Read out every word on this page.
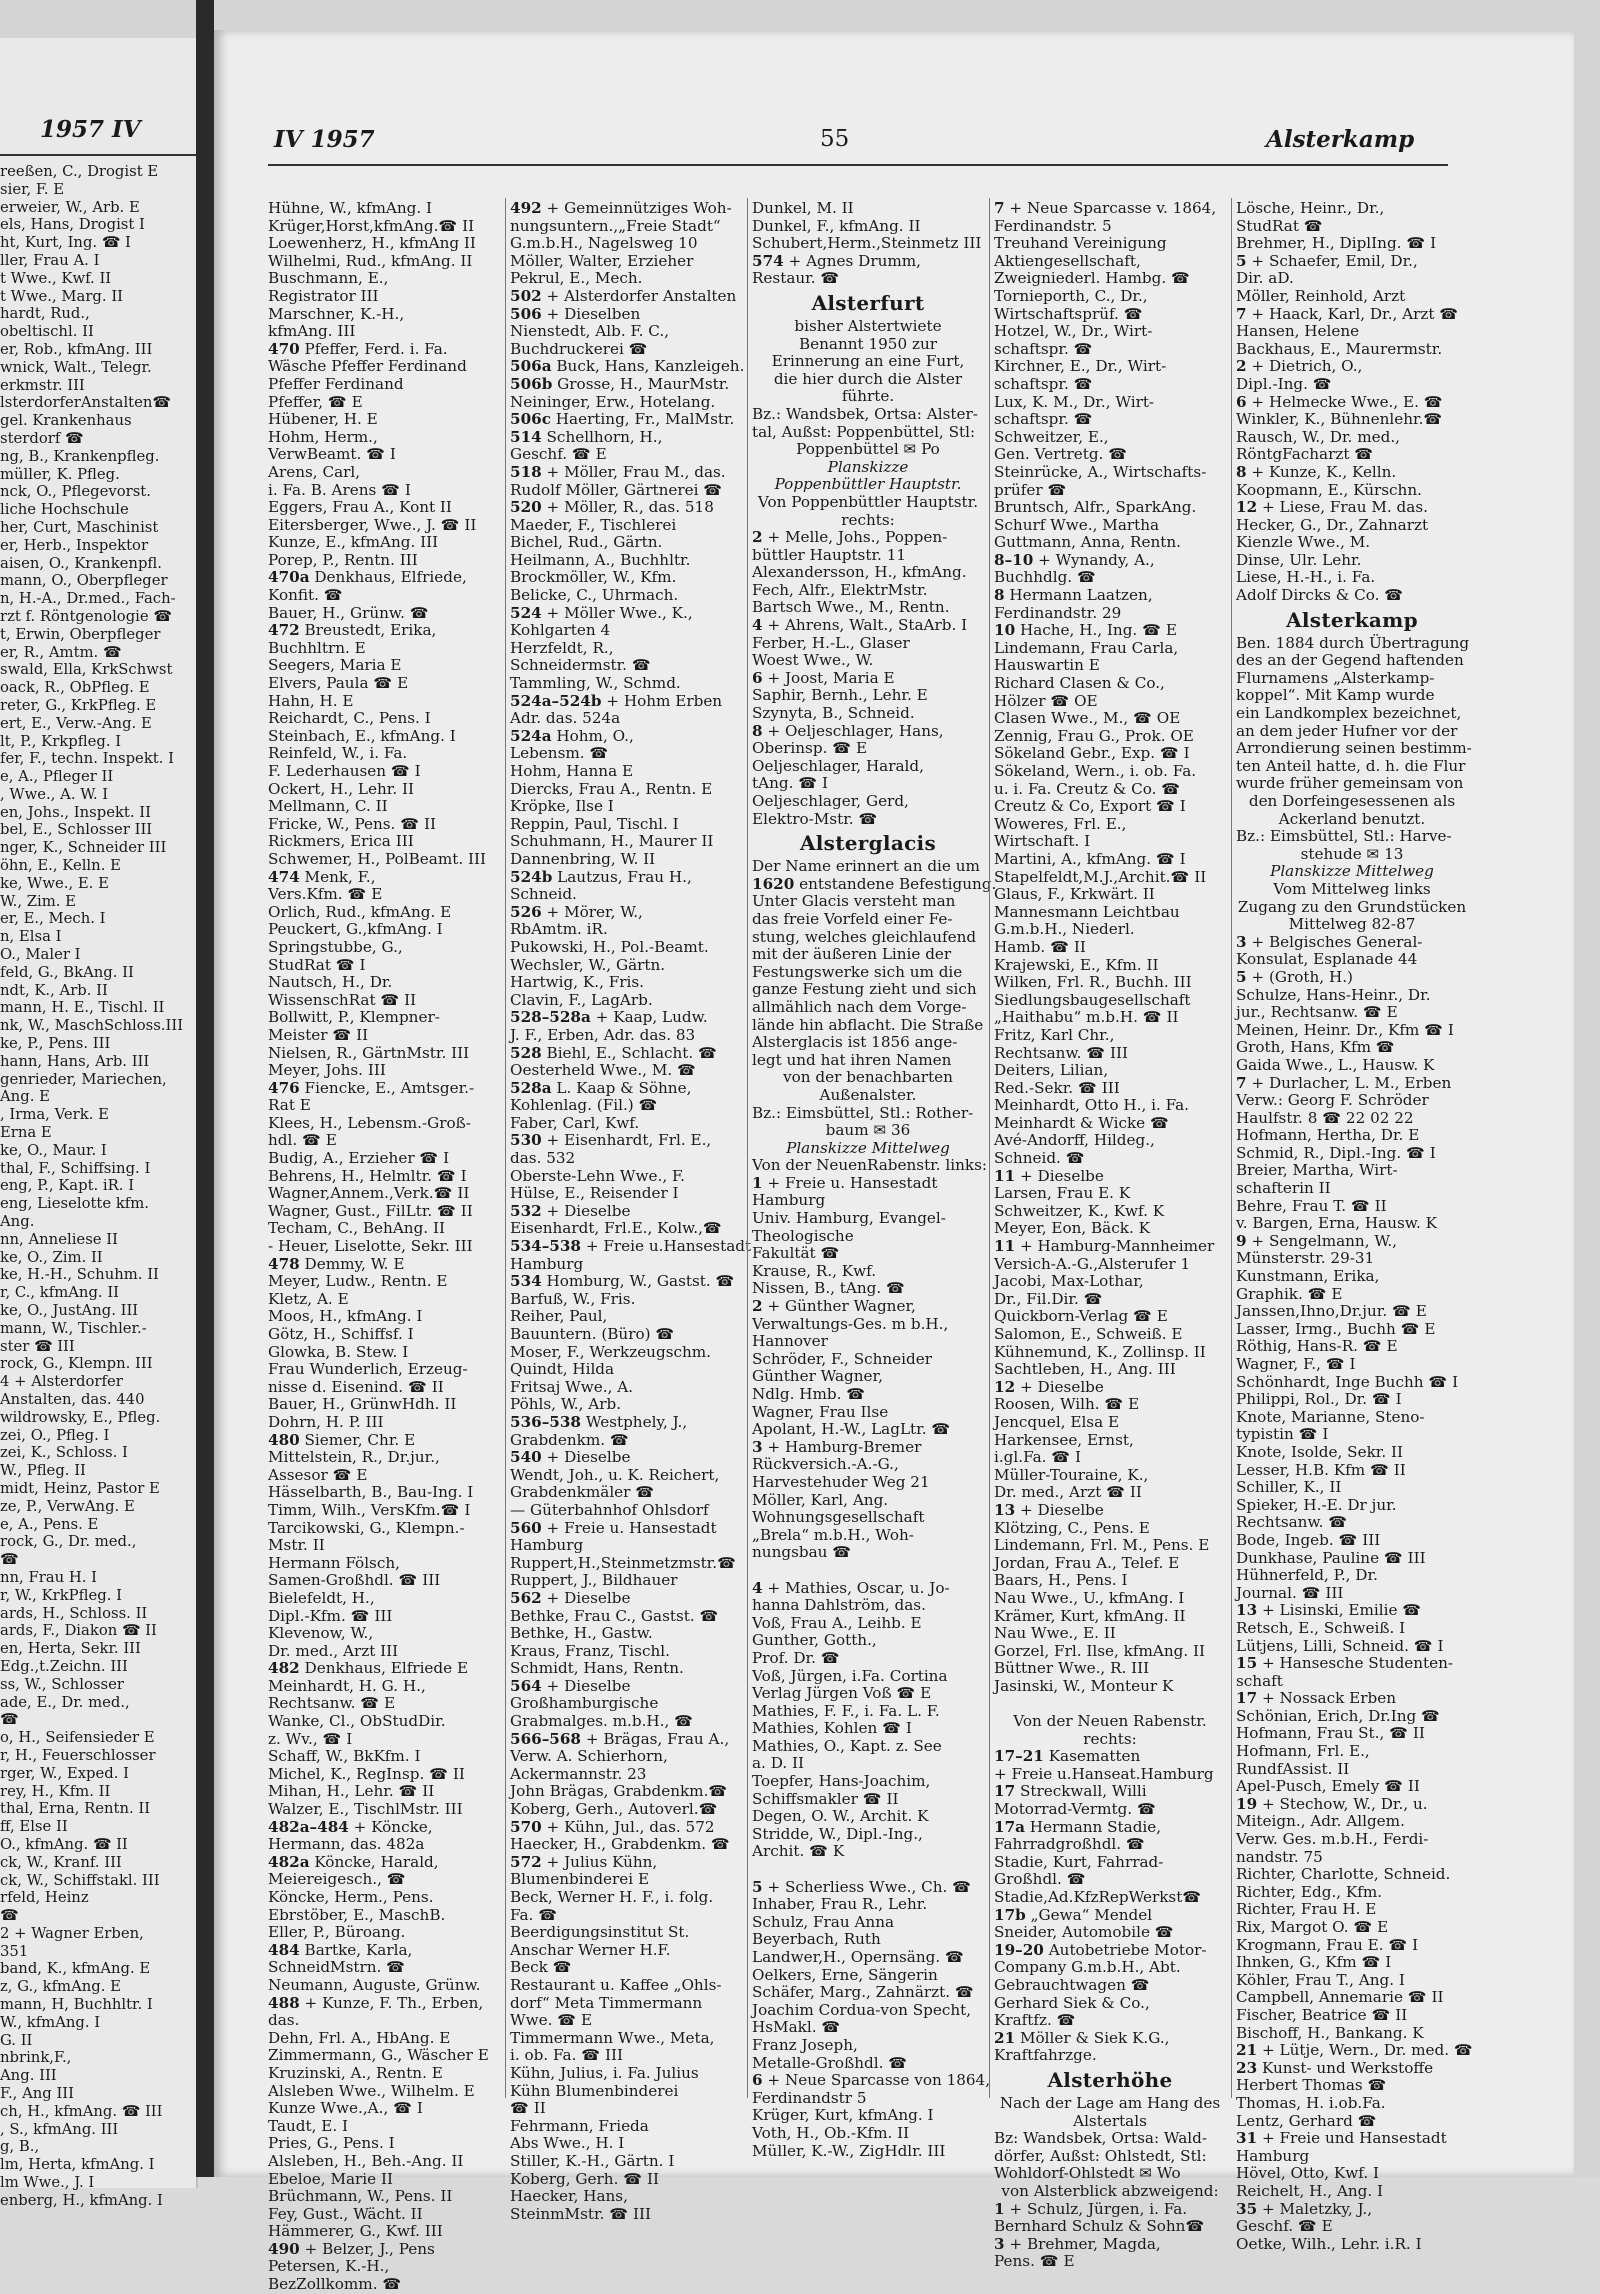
1957 IV
reeßen, C., Drogist E
sier, F. E
erweier, W., Arb. E
els, Hans, Drogist I
ht, Kurt, Ing. ☎ I
ller, Frau A. I
t Wwe., Kwf. II
t Wwe., Marg. II
hardt, Rud.,
obeltischl. II
er, Rob., kfmAng. III
wnick, Walt., Telegr.
erkmstr. III
lsterdorferAnstalten☎
gel. Krankenhaus
sterdorf ☎
ng, B., Krankenpfleg.
müller, K. Pfleg.
nck, O., Pflegevorst.
liche Hochschule
her, Curt, Maschinist
er, Herb., Inspektor
aisen, O., Krankenpfl.
mann, O., Oberpfleger
n, H.-A., Dr.med., Fach-
rzt f. Röntgenologie ☎
t, Erwin, Oberpfleger
er, R., Amtm. ☎
swald, Ella, KrkSchwst
oack, R., ObPfleg. E
reter, G., KrkPfleg. E
ert, E., Verw.-Ang. E
lt, P., Krkpfleg. I
fer, F., techn. Inspekt. I
e, A., Pfleger II
, Wwe., A. W. I
en, Johs., Inspekt. II
bel, E., Schlosser III
nger, K., Schneider III
öhn, E., Kelln. E
ke, Wwe., E. E
W., Zim. E
er, E., Mech. I
n, Elsa I
O., Maler I
feld, G., BkAng. II
ndt, K., Arb. II
mann, H. E., Tischl. II
nk, W., MaschSchloss.III
ke, P., Pens. III
hann, Hans, Arb. III
genrieder, Mariechen,
Ang. E
, Irma, Verk. E
Erna E
ke, O., Maur. I
thal, F., Schiffsing. I
eng, P., Kapt. iR. I
eng, Lieselotte kfm.
Ang.
nn, Anneliese II
ke, O., Zim. II
ke, H.-H., Schuhm. II
r, C., kfmAng. II
ke, O., JustAng. III
mann, W., Tischler.-
ster ☎ III
rock, G., Klempn. III
4 + Alsterdorfer
Anstalten, das. 440
wildrowsky, E., Pfleg.
zei, O., Pfleg. I
zei, K., Schloss. I
W., Pfleg. II
midt, Heinz, Pastor E
ze, P., VerwAng. E
e, A., Pens. E
rock, G., Dr. med.,
☎
nn, Frau H. I
r, W., KrkPfleg. I
ards, H., Schloss. II
ards, F., Diakon ☎ II
en, Herta, Sekr. III
Edg.,t.Zeichn. III
ss, W., Schlosser
ade, E., Dr. med.,
☎
o, H., Seifensieder E
r, H., Feuerschlosser
rger, W., Exped. I
rey, H., Kfm. II
thal, Erna, Rentn. II
ff, Else II
O., kfmAng. ☎ II
ck, W., Kranf. III
ck, W., Schiffstakl. III
rfeld, Heinz
☎
2 + Wagner Erben,
351
band, K., kfmAng. E
z, G., kfmAng. E
mann, H, Buchhltr. I
W., kfmAng. I
G. II
nbrink,F.,
Ang. III
F., Ang III
ch, H., kfmAng. ☎ III
, S., kfmAng. III
g, B.,
lm, Herta, kfmAng. I
lm Wwe., J. I
enberg, H., kfmAng. I
IV 1957	55	Alsterkamp
Hühne, W., kfmAng. I
Krüger,Horst,kfmAng.☎ II
Loewenherz, H., kfmAng II
Wilhelmi, Rud., kfmAng. II
Buschmann, E.,
Registrator III
Marschner, K.-H.,
kfmAng. III
470 Pfeffer, Ferd. i. Fa.
Wäsche Pfeffer Ferdinand
Pfeffer Ferdinand
Pfeffer, ☎ E
Hübener, H. E
Hohm, Herm.,
VerwBeamt. ☎ I
Arens, Carl,
i. Fa. B. Arens ☎ I
Eggers, Frau A., Kont II
Eitersberger, Wwe., J. ☎ II
Kunze, E., kfmAng. III
Porep, P., Rentn. III
470a Denkhaus, Elfriede,
Konfit. ☎
Bauer, H., Grünw. ☎
472 Breustedt, Erika,
Buchhltrn. E
Seegers, Maria E
Elvers, Paula ☎ E
Hahn, H. E
Reichardt, C., Pens. I
Steinbach, E., kfmAng. I
Reinfeld, W., i. Fa.
F. Lederhausen ☎ I
Ockert, H., Lehr. II
Mellmann, C. II
Fricke, W., Pens. ☎ II
Rickmers, Erica III
Schwemer, H., PolBeamt. III
474 Menk, F.,
Vers.Kfm. ☎ E
Orlich, Rud., kfmAng. E
Peuckert, G.,kfmAng. I
Springstubbe, G.,
StudRat ☎ I
Nautsch, H., Dr.
WissenschRat ☎ II
Bollwitt, P., Klempner-
Meister ☎ II
Nielsen, R., GärtnMstr. III
Meyer, Johs. III
476 Fiencke, E., Amtsger.-
Rat E
Klees, H., Lebensm.-Groß-
hdl. ☎ E
Budig, A., Erzieher ☎ I
Behrens, H., Helmltr. ☎ I
Wagner,Annem.,Verk.☎ II
Wagner, Gust., FilLtr. ☎ II
Techam, C., BehAng. II
- Heuer, Liselotte, Sekr. III
478 Demmy, W. E
Meyer, Ludw., Rentn. E
Kletz, A. E
Moos, H., kfmAng. I
Götz, H., Schiffsf. I
Glowka, B. Stew. I
Frau Wunderlich, Erzeug-
nisse d. Eisenind. ☎ II
Bauer, H., GrünwHdh. II
Dohrn, H. P. III
480 Siemer, Chr. E
Mittelstein, R., Dr.jur.,
Assesor ☎ E
Hässelbarth, B., Bau-Ing. I
Timm, Wilh., VersKfm.☎ I
Tarcikowski, G., Klempn.-
Mstr. II
Hermann Fölsch,
Samen-Großhdl. ☎ III
Bielefeldt, H.,
Dipl.-Kfm. ☎ III
Klevenow, W.,
Dr. med., Arzt III
482 Denkhaus, Elfriede E
Meinhardt, H. G. H.,
Rechtsanw. ☎ E
Wanke, Cl., ObStudDir.
z. Wv., ☎ I
Schaff, W., BkKfm. I
Michel, K., RegInsp. ☎ II
Mihan, H., Lehr. ☎ II
Walzer, E., TischlMstr. III
482a–484 + Köncke,
Hermann, das. 482a
482a Köncke, Harald,
Meiereigesch., ☎
Köncke, Herm., Pens.
Ebrstöber, E., MaschB.
Eller, P., Büroang.
484 Bartke, Karla,
SchneidMstrn. ☎
Neumann, Auguste, Grünw.
488 + Kunze, F. Th., Erben,
das.
Dehn, Frl. A., HbAng. E
Zimmermann, G., Wäscher E
Kruzinski, A., Rentn. E
Alsleben Wwe., Wilhelm. E
Kunze Wwe.,A., ☎ I
Taudt, E. I
Pries, G., Pens. I
Alsleben, H., Beh.-Ang. II
Ebeloe, Marie II
Brüchmann, W., Pens. II
Fey, Gust., Wächt. II
Hämmerer, G., Kwf. III
490 + Belzer, J., Pens
Petersen, K.-H.,
BezZollkomm. ☎
492 + Gemeinnütziges Woh-
nungsuntern.,„Freie Stadt“
G.m.b.H., Nagelsweg 10
Möller, Walter, Erzieher
Pekrul, E., Mech.
502 + Alsterdorfer Anstalten
506 + Dieselben
Nienstedt, Alb. F. C.,
Buchdruckerei ☎
506a Buck, Hans, Kanzleigeh.
506b Grosse, H., MaurMstr.
Neininger, Erw., Hotelang.
506c Haerting, Fr., MalMstr.
514 Schellhorn, H.,
Geschf. ☎ E
518 + Möller, Frau M., das.
Rudolf Möller, Gärtnerei ☎
520 + Möller, R., das. 518
Maeder, F., Tischlerei
Bichel, Rud., Gärtn.
Heilmann, A., Buchhltr.
Brockmöller, W., Kfm.
Belicke, C., Uhrmach.
524 + Möller Wwe., K.,
Kohlgarten 4
Herzfeldt, R.,
Schneidermstr. ☎
Tammling, W., Schmd.
524a–524b + Hohm Erben
Adr. das. 524a
524a Hohm, O.,
Lebensm. ☎
Hohm, Hanna E
Diercks, Frau A., Rentn. E
Kröpke, Ilse I
Reppin, Paul, Tischl. I
Schuhmann, H., Maurer II
Dannenbring, W. II
524b Lautzus, Frau H.,
Schneid.
526 + Mörer, W.,
RbAmtm. iR.
Pukowski, H., Pol.-Beamt.
Wechsler, W., Gärtn.
Hartwig, K., Fris.
Clavin, F., LagArb.
528–528a + Kaap, Ludw.
J. F., Erben, Adr. das. 83
528 Biehl, E., Schlacht. ☎
Oesterheld Wwe., M. ☎
528a L. Kaap & Söhne,
Kohlenlag. (Fil.) ☎
Faber, Carl, Kwf.
530 + Eisenhardt, Frl. E.,
das. 532
Oberste-Lehn Wwe., F.
Hülse, E., Reisender I
532 + Dieselbe
Eisenhardt, Frl.E., Kolw.,☎
534–538 + Freie u.Hansestadt
Hamburg
534 Homburg, W., Gastst. ☎
Barfuß, W., Fris.
Reiher, Paul,
Bauuntern. (Büro) ☎
Moser, F., Werkzeugschm.
Quindt, Hilda
Fritsaj Wwe., A.
Pöhls, W., Arb.
536–538 Westphely, J.,
Grabdenkm. ☎
540 + Dieselbe
Wendt, Joh., u. K. Reichert,
Grabdenkmäler ☎
— Güterbahnhof Ohlsdorf
560 + Freie u. Hansestadt
Hamburg
Ruppert,H.,Steinmetzmstr.☎
Ruppert, J., Bildhauer
562 + Dieselbe
Bethke, Frau C., Gastst. ☎
Bethke, H., Gastw.
Kraus, Franz, Tischl.
Schmidt, Hans, Rentn.
564 + Dieselbe
Großhamburgische
Grabmalges. m.b.H., ☎
566–568 + Brägas, Frau A.,
Verw. A. Schierhorn,
Ackermannstr. 23
John Brägas, Grabdenkm.☎
Koberg, Gerh., Autoverl.☎
570 + Kühn, Jul., das. 572
Haecker, H., Grabdenkm. ☎
572 + Julius Kühn,
Blumenbinderei E
Beck, Werner H. F., i. folg.
Fa. ☎
Beerdigungsinstitut St.
Anschar Werner H.F.
Beck ☎
Restaurant u. Kaffee „Ohls-
dorf“ Meta Timmermann
Wwe. ☎ E
Timmermann Wwe., Meta,
i. ob. Fa. ☎ III
Kühn, Julius, i. Fa. Julius
Kühn Blumenbinderei
☎ II
Fehrmann, Frieda
Abs Wwe., H. I
Stiller, K.-H., Gärtn. I
Koberg, Gerh. ☎ II
Haecker, Hans,
SteinmMstr. ☎ III
Dunkel, M. II
Dunkel, F., kfmAng. II
Schubert,Herm.,Steinmetz III
574 + Agnes Drumm,
Restaur. ☎
Alsterfurt
bisher Alstertwiete
Benannt 1950 zur
Erinnerung an eine Furt,
die hier durch die Alster
führte.
Bz.: Wandsbek, Ortsa: Alster-
tal, Außst: Poppenbüttel, Stl:
Poppenbüttel ✉ Po
Planskizze
Poppenbüttler Hauptstr.
Von Poppenbüttler Hauptstr.
rechts:
2 + Melle, Johs., Poppen-
büttler Hauptstr. 11
Alexandersson, H., kfmAng.
Fech, Alfr., ElektrMstr.
Bartsch Wwe., M., Rentn.
4 + Ahrens, Walt., StaArb. I
Ferber, H.-L., Glaser
Woest Wwe., W.
6 + Joost, Maria E
Saphir, Bernh., Lehr. E
Szynyta, B., Schneid.
8 + Oeljeschlager, Hans,
Oberinsp. ☎ E
Oeljeschlager, Harald,
tAng. ☎ I
Oeljeschlager, Gerd,
Elektro-Mstr. ☎
Alsterglacis
Der Name erinnert an die um
1620 entstandene Befestigung.
Unter Glacis versteht man
das freie Vorfeld einer Fe-
stung, welches gleichlaufend
mit der äußeren Linie der
Festungswerke sich um die
ganze Festung zieht und sich
allmählich nach dem Vorge-
lände hin abflacht. Die Straße
Alsterglacis ist 1856 ange-
legt und hat ihren Namen
von der benachbarten
Außenalster.
Bz.: Eimsbüttel, Stl.: Rother-
baum ✉ 36
Planskizze Mittelweg
Von der NeuenRabenstr. links:
1 + Freie u. Hansestadt
Hamburg
Univ. Hamburg, Evangel-
Theologische
Fakultät ☎
Krause, R., Kwf.
Nissen, B., tAng. ☎
2 + Günther Wagner,
Verwaltungs-Ges. m b.H.,
Hannover
Schröder, F., Schneider
Günther Wagner,
Ndlg. Hmb. ☎
Wagner, Frau Ilse
Apolant, H.-W., LagLtr. ☎
3 + Hamburg-Bremer
Rückversich.-A.-G.,
Harvestehuder Weg 21
Möller, Karl, Ang.
Wohnungsgesellschaft
„Brela“ m.b.H., Woh-
nungsbau ☎
4 + Mathies, Oscar, u. Jo-
hanna Dahlström, das.
Voß, Frau A., Leihb. E
Gunther, Gotth.,
Prof. Dr. ☎
Voß, Jürgen, i.Fa. Cortina
Verlag Jürgen Voß ☎ E
Mathies, F. F., i. Fa. L. F.
Mathies, Kohlen ☎ I
Mathies, O., Kapt. z. See
a. D. II
Toepfer, Hans-Joachim,
Schiffsmakler ☎ II
Degen, O. W., Archit. K
Stridde, W., Dipl.-Ing.,
Archit. ☎ K
5 + Scherliess Wwe., Ch. ☎
Inhaber, Frau R., Lehr.
Schulz, Frau Anna
Beyerbach, Ruth
Landwer,H., Opernsäng. ☎
Oelkers, Erne, Sängerin
Schäfer, Marg., Zahnärzt. ☎
Joachim Cordua-von Specht,
HsMakl. ☎
Franz Joseph,
Metalle-Großhdl. ☎
6 + Neue Sparcasse von 1864,
Ferdinandstr 5
Krüger, Kurt, kfmAng. I
Voth, H., Ob.-Kfm. II
Müller, K.-W., ZigHdlr. III
7 + Neue Sparcasse v. 1864,
Ferdinandstr. 5
Treuhand Vereinigung
Aktiengesellschaft,
Zweigniederl. Hambg. ☎
Tornieporth, C., Dr.,
Wirtschaftsprüf. ☎
Hotzel, W., Dr., Wirt-
schaftspr. ☎
Kirchner, E., Dr., Wirt-
schaftspr. ☎
Lux, K. M., Dr., Wirt-
schaftspr. ☎
Schweitzer, E.,
Gen. Vertretg. ☎
Steinrücke, A., Wirtschafts-
prüfer ☎
Bruntsch, Alfr., SparkAng.
Schurf Wwe., Martha
Guttmann, Anna, Rentn.
8–10 + Wynandy, A.,
Buchhdlg. ☎
8 Hermann Laatzen,
Ferdinandstr. 29
10 Hache, H., Ing. ☎ E
Lindemann, Frau Carla,
Hauswartin E
Richard Clasen & Co.,
Hölzer ☎ OE
Clasen Wwe., M., ☎ OE
Zennig, Frau G., Prok. OE
Sökeland Gebr., Exp. ☎ I
Sökeland, Wern., i. ob. Fa.
u. i. Fa. Creutz & Co. ☎
Creutz & Co, Export ☎ I
Woweres, Frl. E.,
Wirtschaft. I
Martini, A., kfmAng. ☎ I
Stapelfeldt,M.J.,Archit.☎ II
Glaus, F., Krkwärt. II
Mannesmann Leichtbau
G.m.b.H., Niederl.
Hamb. ☎ II
Krajewski, E., Kfm. II
Wilken, Frl. R., Buchh. III
Siedlungsbaugesellschaft
„Haithabu“ m.b.H. ☎ II
Fritz, Karl Chr.,
Rechtsanw. ☎ III
Deiters, Lilian,
Red.-Sekr. ☎ III
Meinhardt, Otto H., i. Fa.
Meinhardt & Wicke ☎
Avé-Andorff, Hildeg.,
Schneid. ☎
11 + Dieselbe
Larsen, Frau E. K
Schweitzer, K., Kwf. K
Meyer, Eon, Bäck. K
11 + Hamburg-Mannheimer
Versich-A.-G.,Alsterufer 1
Jacobi, Max-Lothar,
Dr., Fil.Dir. ☎
Quickborn-Verlag ☎ E
Salomon, E., Schweiß. E
Kühnemund, K., Zollinsp. II
Sachtleben, H., Ang. III
12 + Dieselbe
Roosen, Wilh. ☎ E
Jencquel, Elsa E
Harkensee, Ernst,
i.gl.Fa. ☎ I
Müller-Touraine, K.,
Dr. med., Arzt ☎ II
13 + Dieselbe
Klötzing, C., Pens. E
Lindemann, Frl. M., Pens. E
Jordan, Frau A., Telef. E
Baars, H., Pens. I
Nau Wwe., U., kfmAng. I
Krämer, Kurt, kfmAng. II
Nau Wwe., E. II
Gorzel, Frl. Ilse, kfmAng. II
Büttner Wwe., R. III
Jasinski, W., Monteur K
Von der Neuen Rabenstr.
rechts:
17–21 Kasematten
+ Freie u.Hanseat.Hamburg
17 Streckwall, Willi
Motorrad-Vermtg. ☎
17a Hermann Stadie,
Fahrradgroßhdl. ☎
Stadie, Kurt, Fahrrad-
Großhdl. ☎
Stadie,Ad.KfzRepWerkst☎
17b „Gewa“ Mendel
Sneider, Automobile ☎
19–20 Autobetriebe Motor-
Company G.m.b.H., Abt.
Gebrauchtwagen ☎
Gerhard Siek & Co.,
Kraftfz. ☎
21 Möller & Siek K.G.,
Kraftfahrzge.
Alsterhöhe
Nach der Lage am Hang des
Alstertals
Bz: Wandsbek, Ortsa: Wald-
dörfer, Außst: Ohlstedt, Stl:
Wohldorf-Ohlstedt ✉ Wo
von Alsterblick abzweigend:
1 + Schulz, Jürgen, i. Fa.
Bernhard Schulz & Sohn☎
3 + Brehmer, Magda,
Pens. ☎ E
Lösche, Heinr., Dr.,
StudRat ☎
Brehmer, H., DiplIng. ☎ I
5 + Schaefer, Emil, Dr.,
Dir. aD.
Möller, Reinhold, Arzt
7 + Haack, Karl, Dr., Arzt ☎
Hansen, Helene
Backhaus, E., Maurermstr.
2 + Dietrich, O.,
Dipl.-Ing. ☎
6 + Helmecke Wwe., E. ☎
Winkler, K., Bühnenlehr.☎
Rausch, W., Dr. med.,
RöntgFacharzt ☎
8 + Kunze, K., Kelln.
Koopmann, E., Kürschn.
12 + Liese, Frau M. das.
Hecker, G., Dr., Zahnarzt
Kienzle Wwe., M.
Dinse, Ulr. Lehr.
Liese, H.-H., i. Fa.
Adolf Dircks & Co. ☎
Alsterkamp
Ben. 1884 durch Übertragung
des an der Gegend haftenden
Flurnamens „Alsterkamp-
koppel“. Mit Kamp wurde
ein Landkomplex bezeichnet,
an dem jeder Hufner vor der
Arrondierung seinen bestimm-
ten Anteil hatte, d. h. die Flur
wurde früher gemeinsam von
den Dorfeingesessenen als
Ackerland benutzt.
Bz.: Eimsbüttel, Stl.: Harve-
stehude ✉ 13
Planskizze Mittelweg
Vom Mittelweg links
Zugang zu den Grundstücken
Mittelweg 82-87
3 + Belgisches General-
Konsulat, Esplanade 44
5 + (Groth, H.)
Schulze, Hans-Heinr., Dr.
jur., Rechtsanw. ☎ E
Meinen, Heinr. Dr., Kfm ☎ I
Groth, Hans, Kfm ☎
Gaida Wwe., L., Hausw. K
7 + Durlacher, L. M., Erben
Verw.: Georg F. Schröder
Haulfstr. 8 ☎ 22 02 22
Hofmann, Hertha, Dr. E
Schmid, R., Dipl.-Ing. ☎ I
Breier, Martha, Wirt-
schafterin II
Behre, Frau T. ☎ II
v. Bargen, Erna, Hausw. K
9 + Sengelmann, W.,
Münsterstr. 29-31
Kunstmann, Erika,
Graphik. ☎ E
Janssen,Ihno,Dr.jur. ☎ E
Lasser, Irmg., Buchh ☎ E
Röthig, Hans-R. ☎ E
Wagner, F., ☎ I
Schönhardt, Inge Buchh ☎ I
Philippi, Rol., Dr. ☎ I
Knote, Marianne, Steno-
typistin ☎ I
Knote, Isolde, Sekr. II
Lesser, H.B. Kfm ☎ II
Schiller, K., II
Spieker, H.-E. Dr jur.
Rechtsanw. ☎
Bode, Ingeb. ☎ III
Dunkhase, Pauline ☎ III
Hühnerfeld, P., Dr.
Journal. ☎ III
13 + Lisinski, Emilie ☎
Retsch, E., Schweiß. I
Lütjens, Lilli, Schneid. ☎ I
15 + Hansesche Studenten-
schaft
17 + Nossack Erben
Schönian, Erich, Dr.Ing ☎
Hofmann, Frau St., ☎ II
Hofmann, Frl. E.,
RundfAssist. II
Apel-Pusch, Emely ☎ II
19 + Stechow, W., Dr., u.
Miteign., Adr. Allgem.
Verw. Ges. m.b.H., Ferdi-
nandstr. 75
Richter, Charlotte, Schneid.
Richter, Edg., Kfm.
Richter, Frau H. E
Rix, Margot O. ☎ E
Krogmann, Frau E. ☎ I
Ihnken, G., Kfm ☎ I
Köhler, Frau T., Ang. I
Campbell, Annemarie ☎ II
Fischer, Beatrice ☎ II
Bischoff, H., Bankang. K
21 + Lütje, Wern., Dr. med. ☎
23 Kunst- und Werkstoffe
Herbert Thomas ☎
Thomas, H. i.ob.Fa.
Lentz, Gerhard ☎
31 + Freie und Hansestadt
Hamburg
Hövel, Otto, Kwf. I
Reichelt, H., Ang. I
35 + Maletzky, J.,
Geschf. ☎ E
Oetke, Wilh., Lehr. i.R. I
